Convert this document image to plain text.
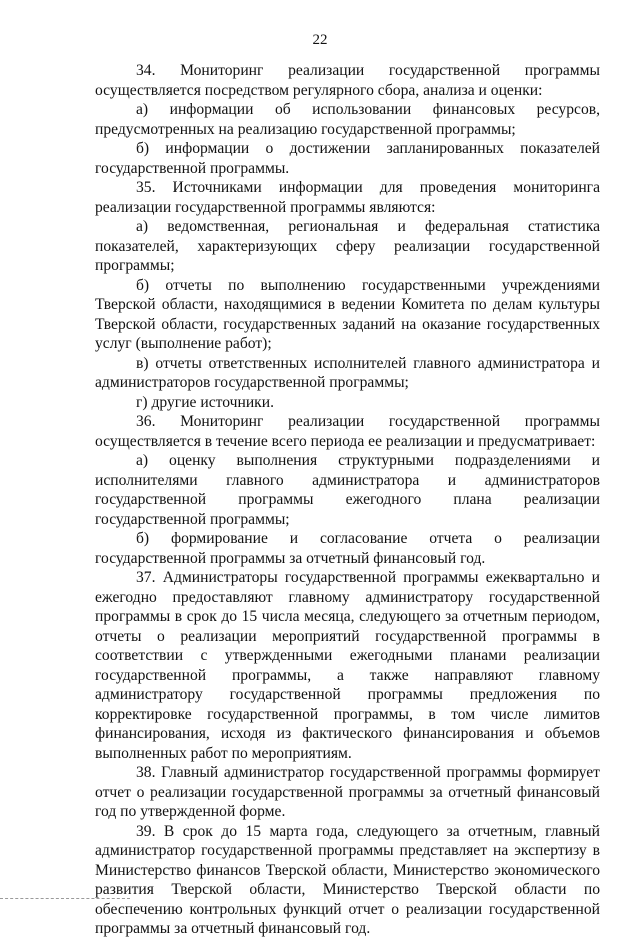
22

34. Мониторинг реализации государственной программы осуществляется посредством регулярного сбора, анализа и оценки:

а) информации об использовании финансовых ресурсов, предусмотренных на реализацию государственной программы;

б) информации о достижении запланированных показателей государственной программы.

35. Источниками информации для проведения мониторинга реализации государственной программы являются:

а) ведомственная, региональная и федеральная статистика показателей, характеризующих сферу реализации государственной программы;

б) отчеты по выполнению государственными учреждениями Тверской области, находящимися в ведении Комитета по делам культуры Тверской области, государственных заданий на оказание государственных услуг (выполнение работ);

в) отчеты ответственных исполнителей главного администратора и администраторов государственной программы;

г) другие источники.

36. Мониторинг реализации государственной программы осуществляется в течение всего периода ее реализации и предусматривает:

а) оценку выполнения структурными подразделениями и исполнителями главного администратора и администраторов государственной программы ежегодного плана реализации государственной программы;

б) формирование и согласование отчета о реализации государственной программы за отчетный финансовый год.

37. Администраторы государственной программы ежеквартально и ежегодно предоставляют главному администратору государственной программы в срок до 15 числа месяца, следующего за отчетным периодом, отчеты о реализации мероприятий государственной программы в соответствии с утвержденными ежегодными планами реализации государственной программы, а также направляют главному администратору государственной программы предложения по корректировке государственной программы, в том числе лимитов финансирования, исходя из фактического финансирования и объемов выполненных работ по мероприятиям.

38. Главный администратор государственной программы формирует отчет о реализации государственной программы за отчетный финансовый год по утвержденной форме.

39. В срок до 15 марта года, следующего за отчетным, главный администратор государственной программы представляет на экспертизу в Министерство финансов Тверской области, Министерство экономического развития Тверской области, Министерство Тверской области по обеспечению контрольных функций отчет о реализации государственной программы за отчетный финансовый год.
